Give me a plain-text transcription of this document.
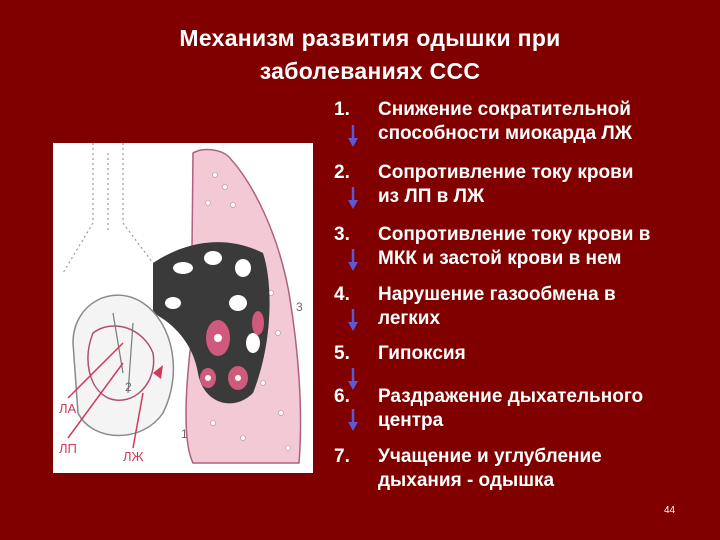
Механизм развития одышки при
заболеваниях ССС
ЛА
ЛП
ЛЖ
1
2
3
1.	Снижение сократительной
способности миокарда ЛЖ
2.	Сопротивление току крови
из ЛП в ЛЖ
3.	Сопротивление току крови в
МКК и застой крови в нем
4.	Нарушение газообмена в
легких
5.	Гипоксия
6.	Раздражение дыхательного
центра
7.	Учащение и углубление
дыхания - одышка
44
